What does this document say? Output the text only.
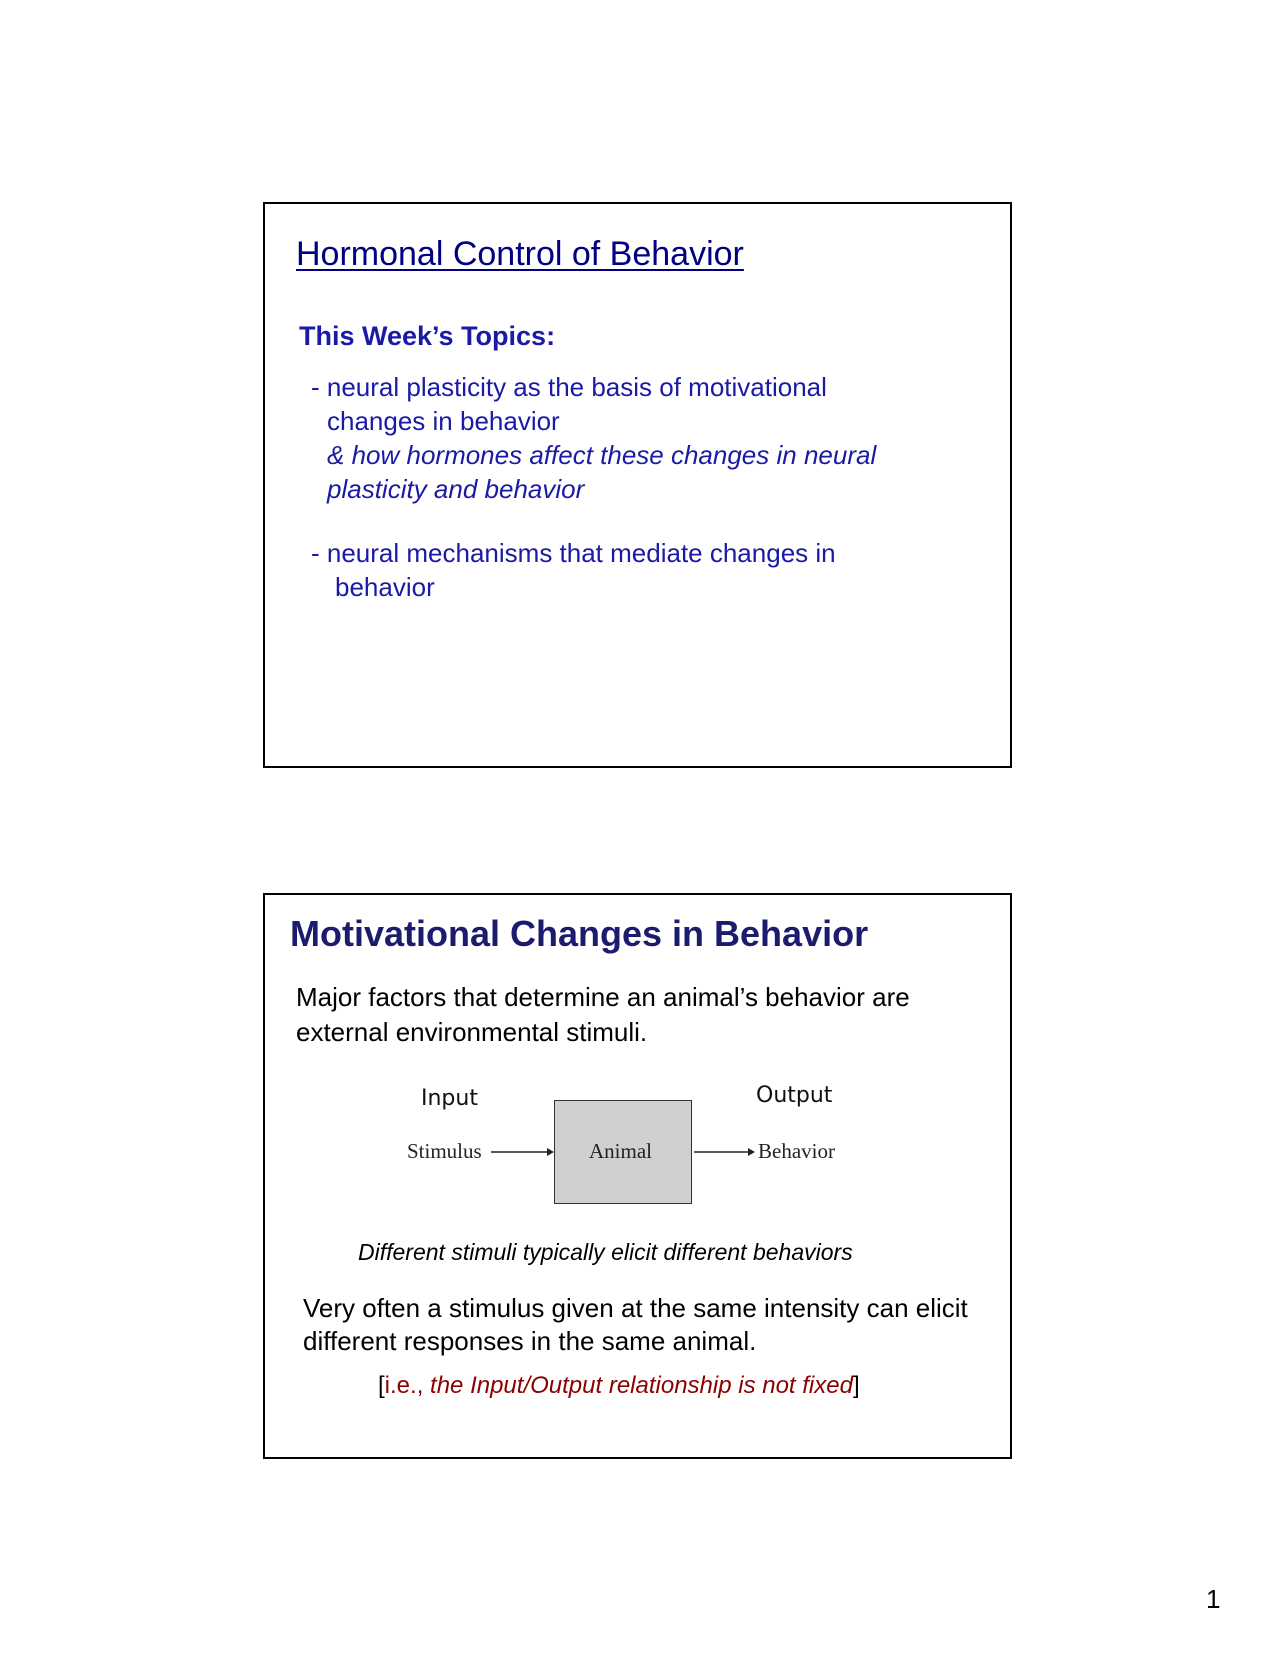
Hormonal Control of Behavior
This Week’s Topics:
- neural plasticity as the basis of motivational
changes in behavior
& how hormones affect these changes in neural
plasticity and behavior
- neural mechanisms that mediate changes in
behavior
Motivational Changes in Behavior
Major factors that determine an animal’s behavior are
external environmental stimuli.
Input	Output
Stimulus	Animal	Behavior
Different stimuli typically elicit different behaviors
Very often a stimulus given at the same intensity can elicit
different responses in the same animal.
[i.e., the Input/Output relationship is not fixed]
1
